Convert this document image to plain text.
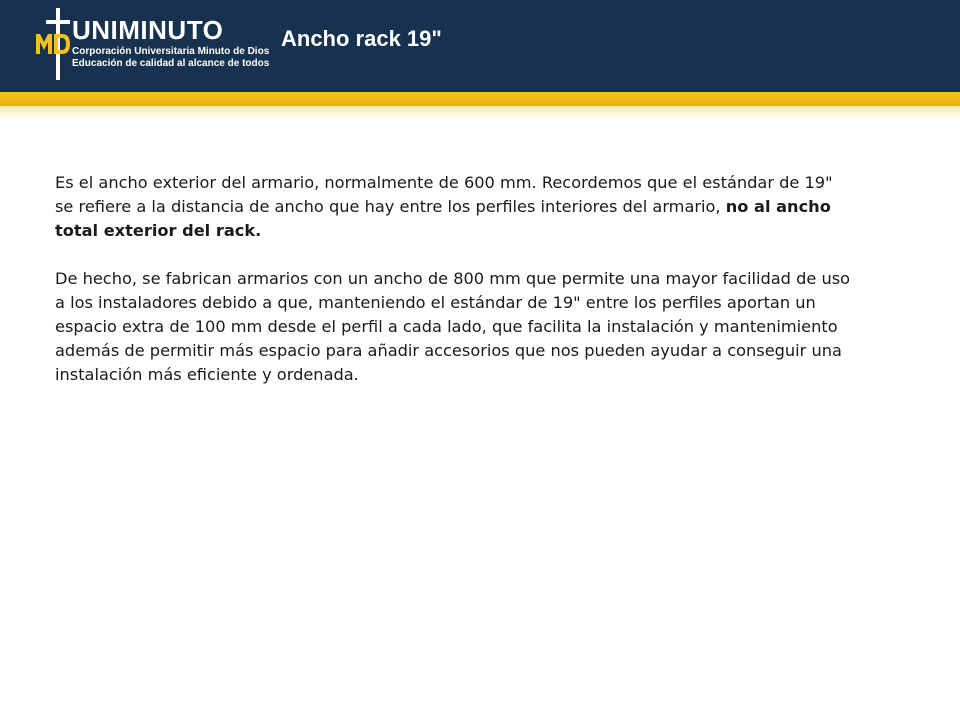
UNIMINUTO
Corporación Universitaria Minuto de Dios
Educación de calidad al alcance de todos
Ancho rack 19"

Es el ancho exterior del armario, normalmente de 600 mm. Recordemos que el estándar de 19" se refiere a la distancia de ancho que hay entre los perfiles interiores del armario, no al ancho total exterior del rack.

De hecho, se fabrican armarios con un ancho de 800 mm que permite una mayor facilidad de uso a los instaladores debido a que, manteniendo el estándar de 19" entre los perfiles aportan un espacio extra de 100 mm desde el perfil a cada lado, que facilita la instalación y mantenimiento además de permitir más espacio para añadir accesorios que nos pueden ayudar a conseguir una instalación más eficiente y ordenada.
